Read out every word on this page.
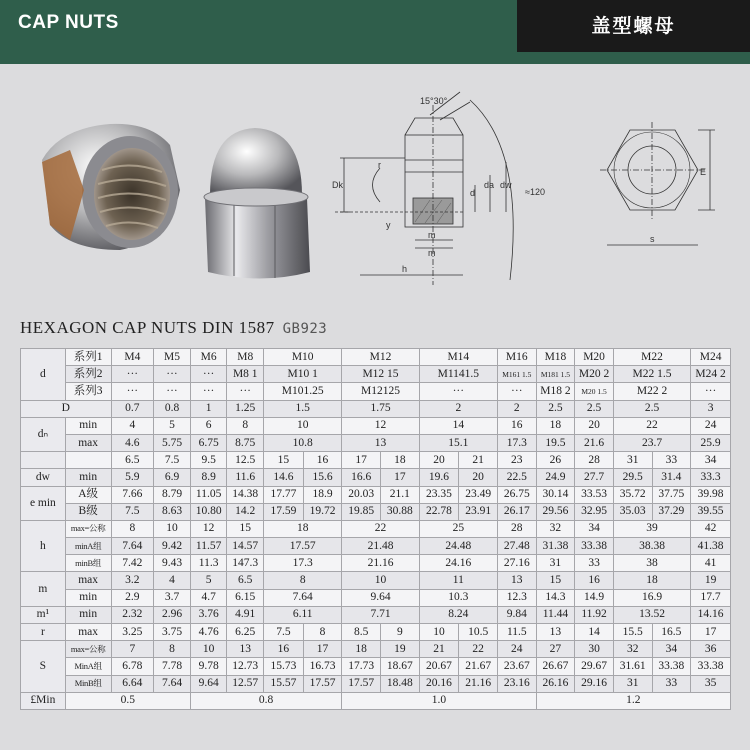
CAP NUTS	盖型螺母
15°30°
r
Dk
y
d
da dw
≈120
m
m
h
E
s
HEXAGON CAP NUTS DIN 1587 GB923
d	系列1	M4	M5	M6	M8	M10		M12		M14		M16	M18	M20	M22		M24
	系列2	···	···	···	M8 1	M10 1		M12 15		M1141.5		M161 1.5	M181 1.5	M20 2	M22 1.5		M24 2
	系列3	···	···	···	···	M101.25		M12125		···		···	M18 2	M20 1.5	M22 2		···
D		0.7	0.8	1	1.25	1.5		1.75		2		2	2.5	2.5	2.5		3
dₙ	min	4	5	6	8	10		12		14		16	18	20	22		24
	max	4.6	5.75	6.75	8.75	10.8		13		15.1		17.3	19.5	21.6	23.7		25.9
		6.5	7.5	9.5	12.5	15	16	17	18	20	21	23	26	28	31	33	34
dw	min	5.9	6.9	8.9	11.6	14.6	15.6	16.6	17	19.6	20	22.5	24.9	27.7	29.5	31.4	33.3
e min	A级	7.66	8.79	11.05	14.38	17.77	18.9	20.03	21.1	23.35	23.49	26.75	30.14	33.53	35.72	37.75	39.98
	B级	7.5	8.63	10.80	14.2	17.59	19.72	19.85	30.88	22.78	23.91	26.17	29.56	32.95	35.03	37.29	39.55
h	max=公称	8	10	12	15	18		22		25		28	32	34	39		42
	minA组	7.64	9.42	11.57	14.57	17.57		21.48		24.48		27.48	31.38	33.38	38.38		41.38
	minB组	7.42	9.43	11.3	147.3	17.3		21.16		24.16		27.16	31	33	38		41
m	max	3.2	4	5	6.5	8		10		11		13	15	16	18		19
	min	2.9	3.7	4.7	6.15	7.64		9.64		10.3		12.3	14.3	14.9	16.9		17.7
m¹	min	2.32	2.96	3.76	4.91	6.11		7.71		8.24		9.84	11.44	11.92	13.52		14.16
r	max	3.25	3.75	4.76	6.25	7.5	8	8.5	9	10	10.5	11.5	13	14	15.5	16.5	17
S	max=公称	7	8	10	13	16	17	18	19	21	22	24	27	30	32	34	36
	MinA组	6.78	7.78	9.78	12.73	15.73	16.73	17.73	18.67	20.67	21.67	23.67	26.67	29.67	31.61	33.38	33.38
	MinB组	6.64	7.64	9.64	12.57	15.57	17.57	17.57	18.48	20.16	21.16	23.16	26.16	29.16	31	33	35
£Min	0.5			0.8				1.0					1.2				
